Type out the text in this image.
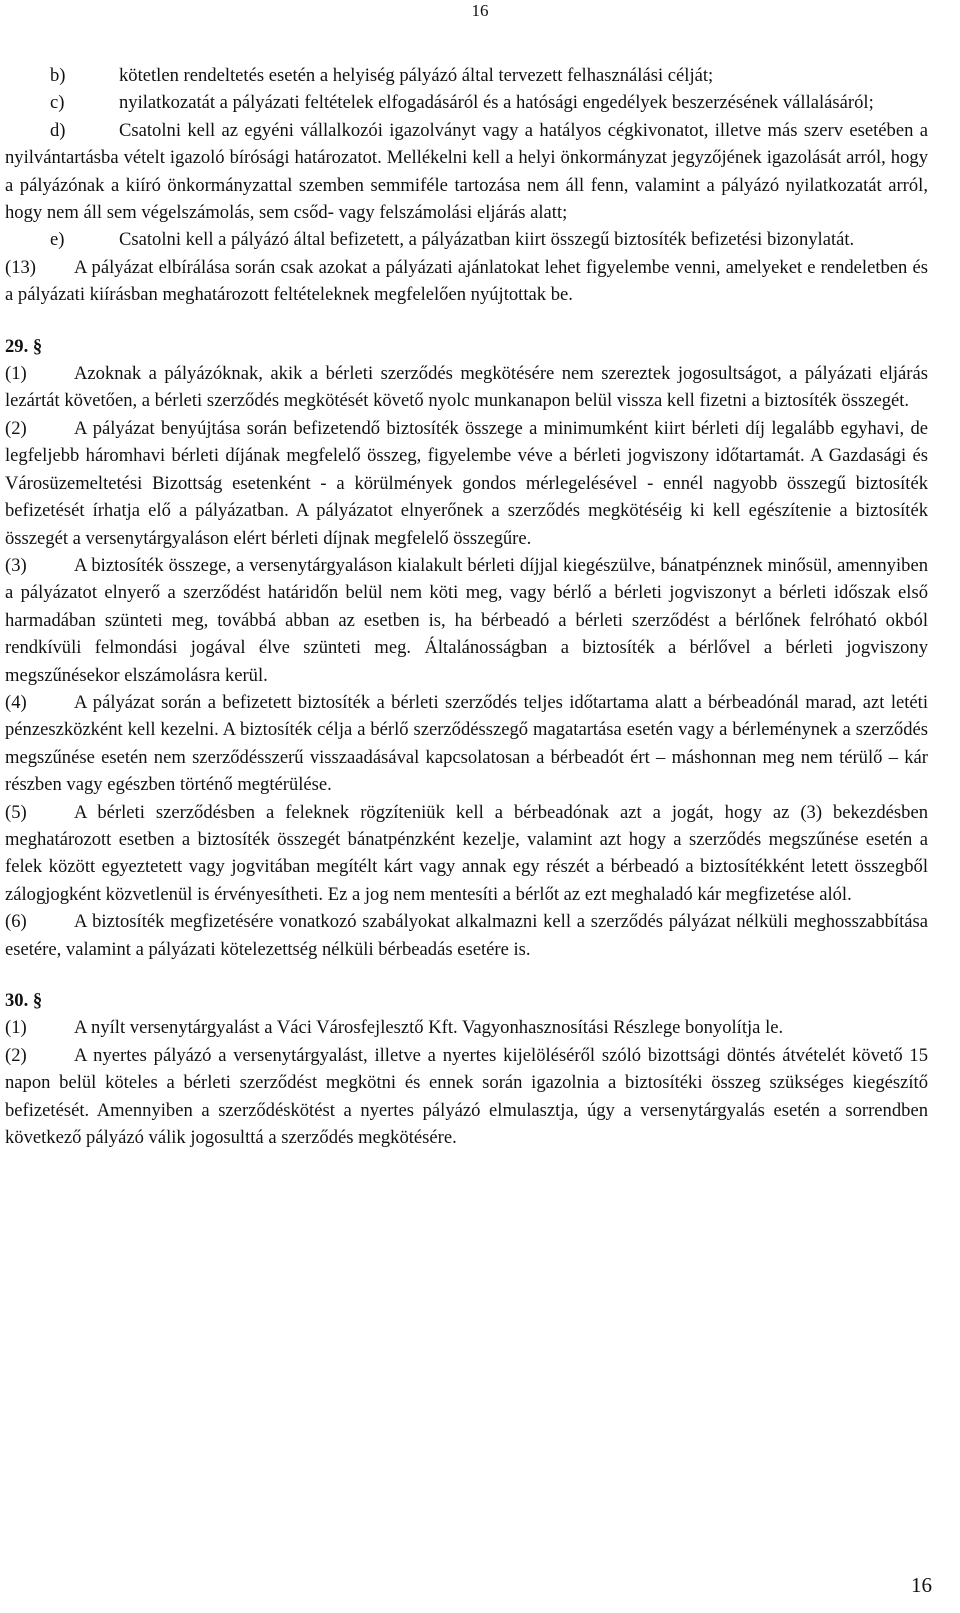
16

b)	kötetlen rendeltetés esetén a helyiség pályázó által tervezett felhasználási célját;

c)	nyilatkozatát a pályázati feltételek elfogadásáról és a hatósági engedélyek beszerzésének vállalásáról;

d)	Csatolni kell az egyéni vállalkozói igazolványt vagy a hatályos cégkivonatot, illetve más szerv esetében a nyilvántartásba vételt igazoló bírósági határozatot. Mellékelni kell a helyi önkormányzat jegyzőjének igazolását arról, hogy a pályázónak a kiíró önkormányzattal szemben semmiféle tartozása nem áll fenn, valamint a pályázó nyilatkozatát arról, hogy nem áll sem végelszámolás, sem csőd- vagy felszámolási eljárás alatt;

e)	Csatolni kell a pályázó által befizetett, a pályázatban kiirt összegű biztosíték befizetési bizonylatát.

(13) A pályázat elbírálása során csak azokat a pályázati ajánlatokat lehet figyelembe venni, amelyeket e rendeletben és a pályázati kiírásban meghatározott feltételeknek megfelelően nyújtottak be.

29. §

(1)	Azoknak a pályázóknak, akik a bérleti szerződés megkötésére nem szereztek jogosultságot, a pályázati eljárás lezártát követően, a bérleti szerződés megkötését követő nyolc munkanapon belül vissza kell fizetni a biztosíték összegét.

(2)	A pályázat benyújtása során befizetendő biztosíték összege a minimumként kiirt bérleti díj legalább egyhavi, de legfeljebb háromhavi bérleti díjának megfelelő összeg, figyelembe véve a bérleti jogviszony időtartamát. A Gazdasági és Városüzemeltetési Bizottság esetenként - a körülmények gondos mérlegelésével - ennél nagyobb összegű biztosíték befizetését írhatja elő a pályázatban. A pályázatot elnyerőnek a szerződés megkötéséig ki kell egészítenie a biztosíték összegét a versenytárgyaláson elért bérleti díjnak megfelelő összegűre.

(3)	A biztosíték összege, a versenytárgyaláson kialakult bérleti díjjal kiegészülve, bánatpénznek minősül, amennyiben a pályázatot elnyerő a szerződést határidőn belül nem köti meg, vagy bérlő a bérleti jogviszonyt a bérleti időszak első harmadában szünteti meg, továbbá abban az esetben is, ha bérbeadó a bérleti szerződést a bérlőnek felróható okból rendkívüli felmondási jogával élve szünteti meg. Általánosságban a biztosíték a bérlővel a bérleti jogviszony megszűnésekor elszámolásra kerül.

(4)	A pályázat során a befizetett biztosíték a bérleti szerződés teljes időtartama alatt a bérbeadónál marad, azt letéti pénzeszközként kell kezelni. A biztosíték célja a bérlő szerződésszegő magatartása esetén vagy a bérleménynek a szerződés megszűnése esetén nem szerződésszerű visszaadásával kapcsolatosan a bérbeadót ért – máshonnan meg nem térülő – kár részben vagy egészben történő megtérülése.

(5)	A bérleti szerződésben a feleknek rögzíteniük kell a bérbeadónak azt a jogát, hogy az (3) bekezdésben meghatározott esetben a biztosíték összegét bánatpénzként kezelje, valamint azt hogy a szerződés megszűnése esetén a felek között egyeztetett vagy jogvitában megítélt kárt vagy annak egy részét a bérbeadó a biztosítékként letett összegből zálogjogként közvetlenül is érvényesítheti. Ez a jog nem mentesíti a bérlőt az ezt meghaladó kár megfizetése alól.

(6)	A biztosíték megfizetésére vonatkozó szabályokat alkalmazni kell a szerződés pályázat nélküli meghosszabbítása esetére, valamint a pályázati kötelezettség nélküli bérbeadás esetére is.

30. §

(1)	A nyílt versenytárgyalást a Váci Városfejlesztő Kft. Vagyonhasznosítási Részlege bonyolítja le.

(2)	A nyertes pályázó a versenytárgyalást, illetve a nyertes kijelöléséről szóló bizottsági döntés átvételét követő 15 napon belül köteles a bérleti szerződést megkötni és ennek során igazolnia a biztosítéki összeg szükséges kiegészítő befizetését. Amennyiben a szerződéskötést a nyertes pályázó elmulasztja, úgy a versenytárgyalás esetén a sorrendben következő pályázó válik jogosulttá a szerződés megkötésére.

16
